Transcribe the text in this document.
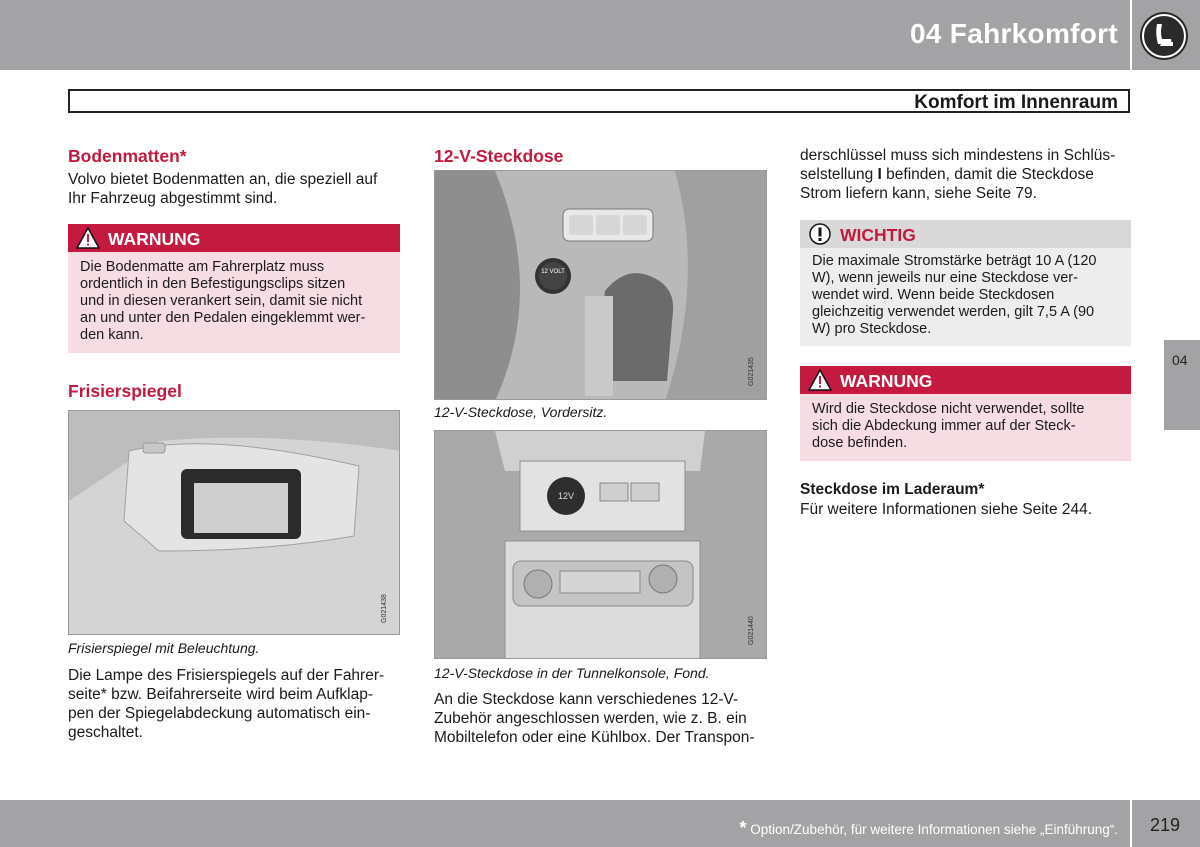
04 Fahrkomfort
Komfort im Innenraum
04
Bodenmatten*
Volvo bietet Bodenmatten an, die speziell auf
Ihr Fahrzeug abgestimmt sind.
WARNUNG
Die Bodenmatte am Fahrerplatz muss
ordentlich in den Befestigungsclips sitzen
und in diesen verankert sein, damit sie nicht
an und unter den Pedalen eingeklemmt wer-
den kann.
Frisierspiegel
G021438
Frisierspiegel mit Beleuchtung.
Die Lampe des Frisierspiegels auf der Fahrer-
seite* bzw. Beifahrerseite wird beim Aufklap-
pen der Spiegelabdeckung automatisch ein-
geschaltet.
12-V-Steckdose
12 VOLT
G021435
12-V-Steckdose, Vordersitz.
12V
G021440
12-V-Steckdose in der Tunnelkonsole, Fond.
An die Steckdose kann verschiedenes 12-V-
Zubehör angeschlossen werden, wie z. B. ein
Mobiltelefon oder eine Kühlbox. Der Transpon-
derschlüssel muss sich mindestens in Schlüs-
selstellung I befinden, damit die Steckdose
Strom liefern kann, siehe Seite 79.
WICHTIG
Die maximale Stromstärke beträgt 10 A (120
W), wenn jeweils nur eine Steckdose ver-
wendet wird. Wenn beide Steckdosen
gleichzeitig verwendet werden, gilt 7,5 A (90
W) pro Steckdose.
WARNUNG
Wird die Steckdose nicht verwendet, sollte
sich die Abdeckung immer auf der Steck-
dose befinden.
Steckdose im Laderaum*
Für weitere Informationen siehe Seite 244.
* Option/Zubehör, für weitere Informationen siehe „Einführung“. 219
